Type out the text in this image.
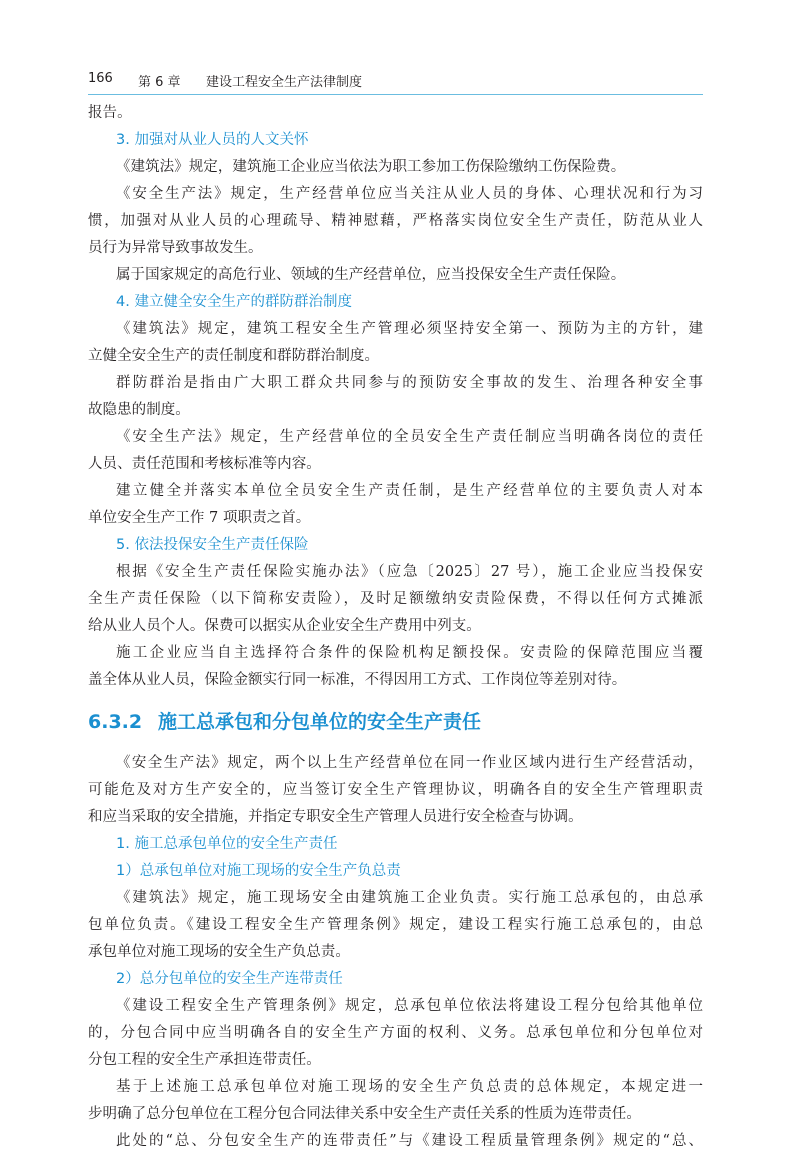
166 第 6 章 建设工程安全生产法律制度
报告。
3. 加强对从业人员的人文关怀
《建筑法》规定，建筑施工企业应当依法为职工参加工伤保险缴纳工伤保险费。
《安全生产法》规定，生产经营单位应当关注从业人员的身体、心理状况和行为习
惯，加强对从业人员的心理疏导、精神慰藉，严格落实岗位安全生产责任，防范从业人
员行为异常导致事故发生。
属于国家规定的高危行业、领域的生产经营单位，应当投保安全生产责任保险。
4. 建立健全安全生产的群防群治制度
《建筑法》规定，建筑工程安全生产管理必须坚持安全第一、预防为主的方针，建
立健全安全生产的责任制度和群防群治制度。
群防群治是指由广大职工群众共同参与的预防安全事故的发生、治理各种安全事
故隐患的制度。
《安全生产法》规定，生产经营单位的全员安全生产责任制应当明确各岗位的责任
人员、责任范围和考核标准等内容。
建立健全并落实本单位全员安全生产责任制，是生产经营单位的主要负责人对本
单位安全生产工作 7 项职责之首。
5. 依法投保安全生产责任保险
根据《安全生产责任保险实施办法》（应急〔2025〕27 号），施工企业应当投保安
全生产责任保险（以下简称安责险），及时足额缴纳安责险保费，不得以任何方式摊派
给从业人员个人。保费可以据实从企业安全生产费用中列支。
施工企业应当自主选择符合条件的保险机构足额投保。安责险的保障范围应当覆
盖全体从业人员，保险金额实行同一标准，不得因用工方式、工作岗位等差别对待。
6.3.2 施工总承包和分包单位的安全生产责任
《安全生产法》规定，两个以上生产经营单位在同一作业区域内进行生产经营活动，
可能危及对方生产安全的，应当签订安全生产管理协议，明确各自的安全生产管理职责
和应当采取的安全措施，并指定专职安全生产管理人员进行安全检查与协调。
1. 施工总承包单位的安全生产责任
1）总承包单位对施工现场的安全生产负总责
《建筑法》规定，施工现场安全由建筑施工企业负责。实行施工总承包的，由总承
包单位负责。《建设工程安全生产管理条例》规定，建设工程实行施工总承包的，由总
承包单位对施工现场的安全生产负总责。
2）总分包单位的安全生产连带责任
《建设工程安全生产管理条例》规定，总承包单位依法将建设工程分包给其他单位
的，分包合同中应当明确各自的安全生产方面的权利、义务。总承包单位和分包单位对
分包工程的安全生产承担连带责任。
基于上述施工总承包单位对施工现场的安全生产负总责的总体规定，本规定进一
步明确了总分包单位在工程分包合同法律关系中安全生产责任关系的性质为连带责任。
此处的“总、分包安全生产的连带责任”与《建设工程质量管理条例》规定的“总、
